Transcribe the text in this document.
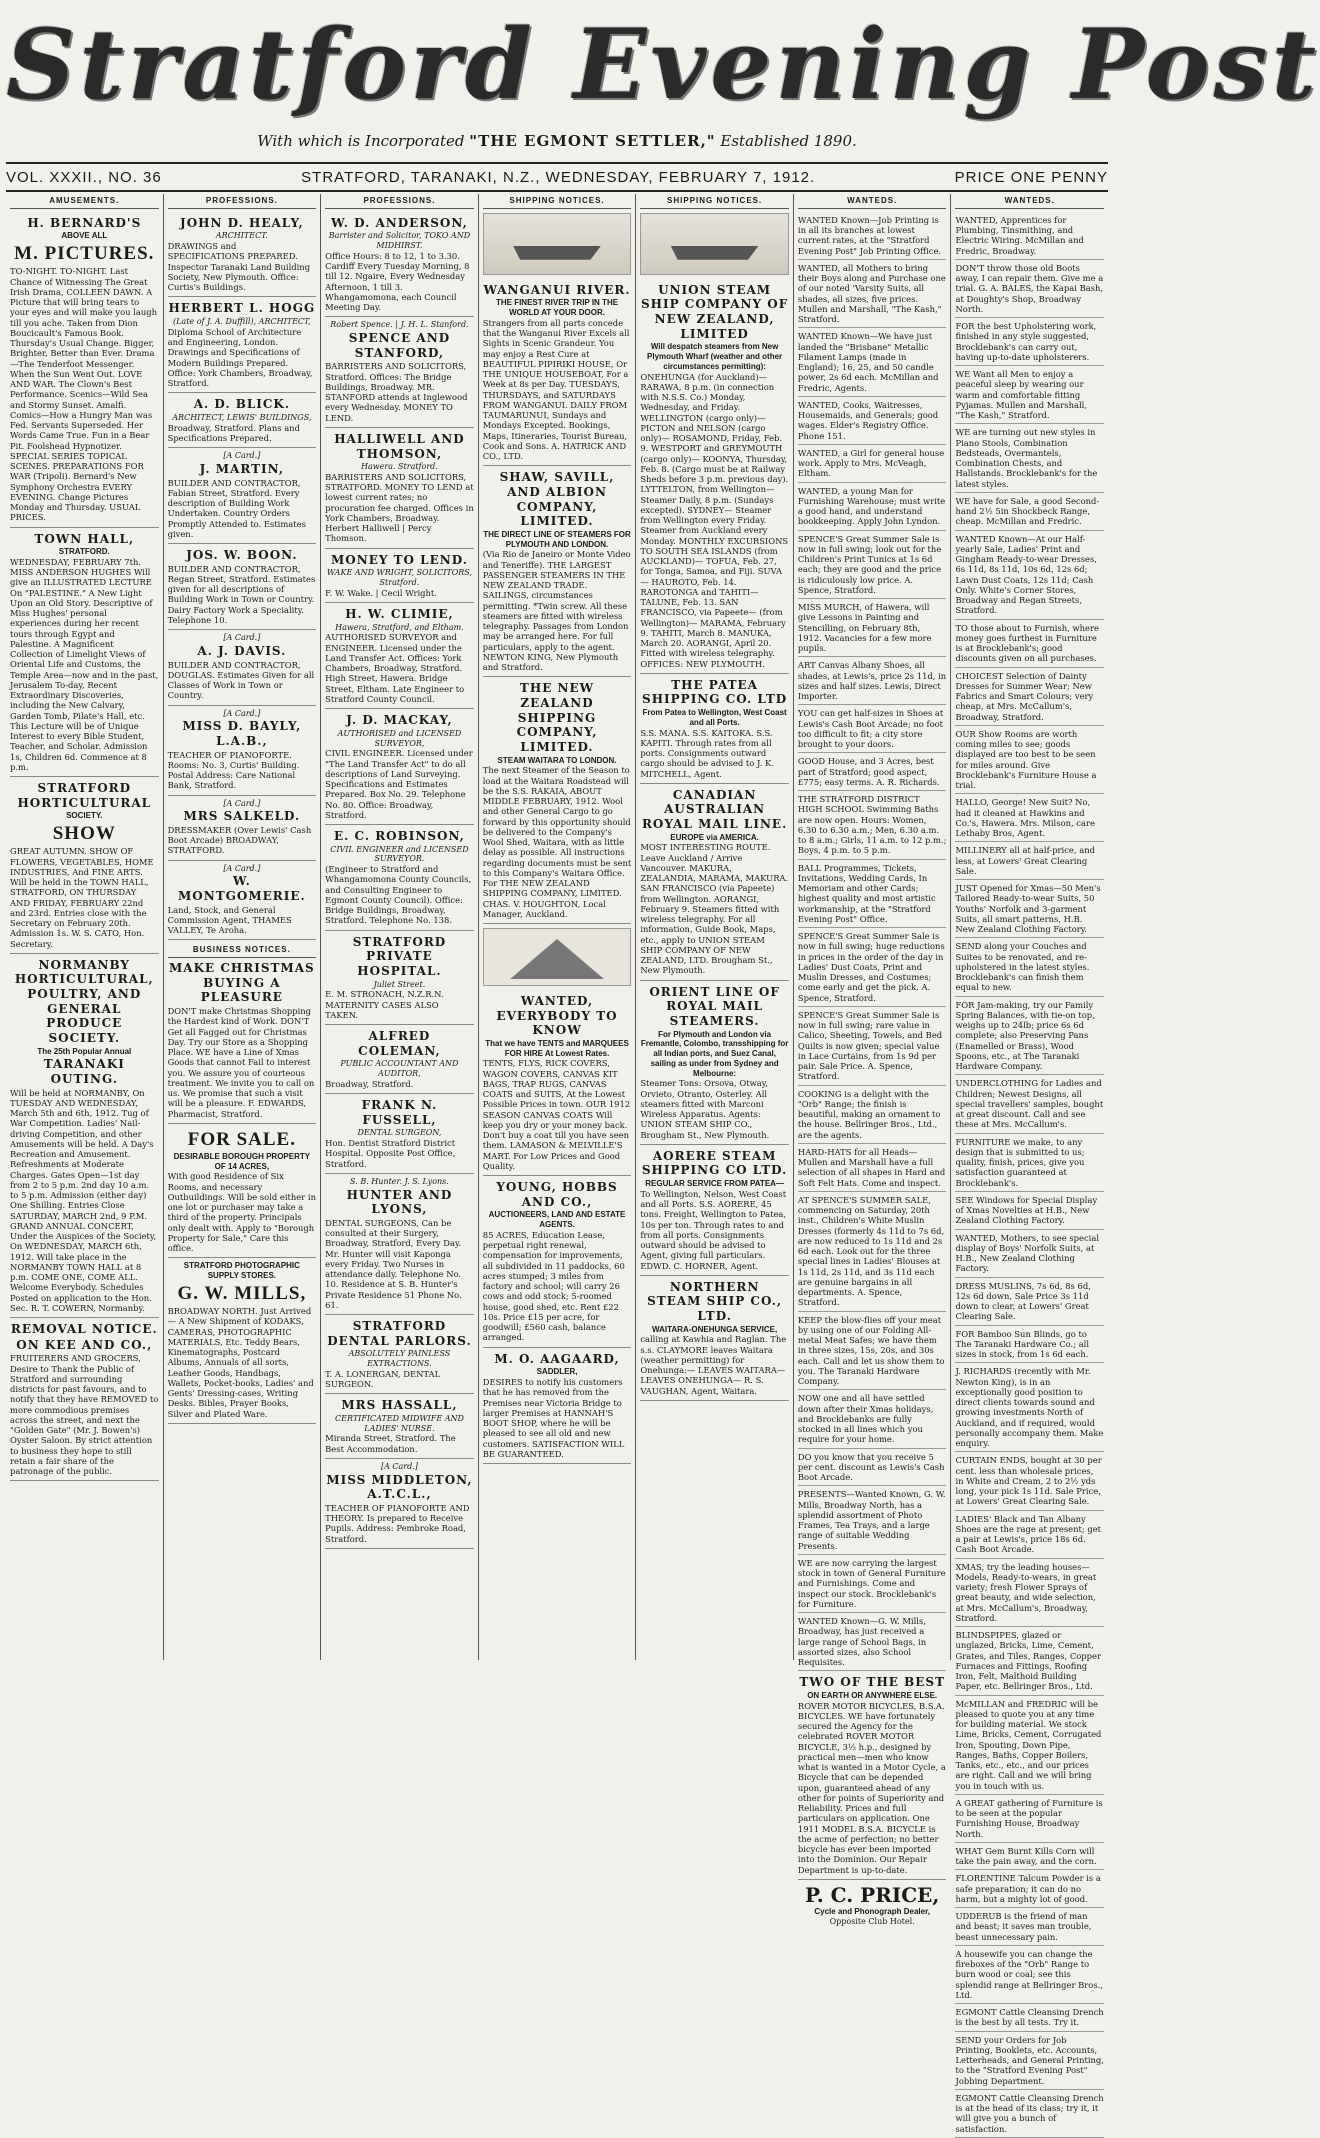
Stratford Evening Post
With which is Incorporated "THE EGMONT SETTLER," Established 1890.
VOL. XXXII., NO. 36	STRATFORD, TARANAKI, N.Z., WEDNESDAY, FEBRUARY 7, 1912.	PRICE ONE PENNY
AMUSEMENTS.
H. BERNARD'S
ABOVE ALL
M. PICTURES.
TO-NIGHT. TO-NIGHT. Last Chance of Witnessing The Great Irish Drama, COLLEEN DAWN. A Picture that will bring tears to your eyes and will make you laugh till you ache. Taken from Dion Boucicault's Famous Book. Thursday's Usual Change. Bigger, Brighter, Better than Ever. Drama—The Tenderfoot Messenger. When the Sun Went Out. LOVE AND WAR. The Clown's Best Performance. Scenics—Wild Sea and Stormy Sunset. Amalfi. Comics—How a Hungry Man was Fed. Servants Superseded. Her Words Came True. Fun in a Bear Pit. Foolshead Hypnotizer. SPECIAL SERIES TOPICAL SCENES. PREPARATIONS FOR WAR (Tripoli). Bernard's New Symphony Orchestra EVERY EVENING. Change Pictures Monday and Thursday. USUAL PRICES.
TOWN HALL,
STRATFORD.
WEDNESDAY, FEBRUARY 7th. MISS ANDERSON HUGHES Will give an ILLUSTRATED LECTURE On "PALESTINE." A New Light Upon an Old Story. Descriptive of Miss Hughes' personal experiences during her recent tours through Egypt and Palestine. A Magnificent Collection of Limelight Views of Oriental Life and Customs, the Temple Area—now and in the past, Jerusalem To-day, Recent Extraordinary Discoveries, including the New Calvary, Garden Tomb, Pilate's Hall, etc. This Lecture will be of Unique Interest to every Bible Student, Teacher, and Scholar. Admission 1s, Children 6d. Commence at 8 p.m.
STRATFORD HORTICULTURAL
SOCIETY.
SHOW
GREAT AUTUMN. SHOW OF FLOWERS, VEGETABLES, HOME INDUSTRIES, And FINE ARTS. Will be held in the TOWN HALL, STRATFORD, ON THURSDAY AND FRIDAY, FEBRUARY 22nd and 23rd. Entries close with the Secretary on February 20th. Admission 1s. W. S. CATO, Hon. Secretary.
NORMANBY HORTICULTURAL, POULTRY, AND GENERAL PRODUCE SOCIETY.
The 25th Popular Annual
TARANAKI OUTING.
Will be held at NORMANBY, On TUESDAY AND WEDNESDAY, March 5th and 6th, 1912. Tug of War Competition. Ladies' Nail-driving Competition, and other Amusements will be held. A Day's Recreation and Amusement. Refreshments at Moderate Charges. Gates Open—1st day from 2 to 5 p.m. 2nd day 10 a.m. to 5 p.m. Admission (either day) One Shilling. Entries Close SATURDAY, MARCH 2nd, 9 P.M. GRAND ANNUAL CONCERT, Under the Auspices of the Society, On WEDNESDAY, MARCH 6th, 1912. Will take place in the NORMANBY TOWN HALL at 8 p.m. COME ONE, COME ALL. Welcome Everybody. Schedules Posted on application to the Hon. Sec. R. T. COWERN, Normanby.
REMOVAL NOTICE.
ON KEE AND CO.,
FRUITERERS AND GROCERS, Desire to Thank the Public of Stratford and surrounding districts for past favours, and to notify that they have REMOVED to more commodious premises across the street, and next the "Golden Gate" (Mr. J. Bowen's) Oyster Saloon. By strict attention to business they hope to still retain a fair share of the patronage of the public.
PROFESSIONS.
JOHN D. HEALY,
ARCHITECT.
DRAWINGS and SPECIFICATIONS PREPARED. Inspector Taranaki Land Building Society, New Plymouth. Office: Curtis's Buildings.
HERBERT L. HOGG
(Late of J. A. Duffill), ARCHITECT,
Diploma School of Architecture and Engineering, London. Drawings and Specifications of Modern Buildings Prepared. Office: York Chambers, Broadway, Stratford.
A. D. BLICK.
ARCHITECT, LEWIS' BUILDINGS,
Broadway, Stratford. Plans and Specifications Prepared.
[A Card.]
J. MARTIN,
BUILDER AND CONTRACTOR, Fabian Street, Stratford. Every description of Building Work Undertaken. Country Orders Promptly Attended to. Estimates given.
JOS. W. BOON.
BUILDER AND CONTRACTOR, Regan Street, Stratford. Estimates given for all descriptions of Building Work in Town or Country. Dairy Factory Work a Speciality. Telephone 10.
[A Card.]
A. J. DAVIS.
BUILDER AND CONTRACTOR, DOUGLAS. Estimates Given for all Classes of Work in Town or Country.
[A Card.]
MISS D. BAYLY, L.A.B.,
TEACHER OF PIANOFORTE. Rooms: No. 3, Curtis' Building. Postal Address: Care National Bank, Stratford.
[A Card.]
MRS SALKELD.
DRESSMAKER (Over Lewis' Cash Boot Arcade) BROADWAY, STRATFORD.
[A Card.]
W. MONTGOMERIE.
Land, Stock, and General Commission Agent, THAMES VALLEY, Te Aroha.
BUSINESS NOTICES.
MAKE CHRISTMAS BUYING A PLEASURE
DON'T make Christmas Shopping the Hardest kind of Work. DON'T Get all Fagged out for Christmas Day. Try our Store as a Shopping Place. WE have a Line of Xmas Goods that cannot Fail to interest you. We assure you of courteous treatment. We invite you to call on us. We promise that such a visit will be a pleasure. F. EDWARDS, Pharmacist, Stratford.
FOR SALE.
DESIRABLE BOROUGH PROPERTY OF 14 ACRES,
With good Residence of Six Rooms, and necessary Outbuildings. Will be sold either in one lot or purchaser may take a third of the property. Principals only dealt with. Apply to "Borough Property for Sale," Care this office.
STRATFORD PHOTOGRAPHIC SUPPLY STORES.
G. W. MILLS,
BROADWAY NORTH. Just Arrived— A New Shipment of KODAKS, CAMERAS, PHOTOGRAPHIC MATERIALS, Etc. Teddy Bears, Kinematographs, Postcard Albums, Annuals of all sorts, Leather Goods, Handbags, Wallets, Pocket-books, Ladies' and Gents' Dressing-cases, Writing Desks. Bibles, Prayer Books, Silver and Plated Ware.
PROFESSIONS.
W. D. ANDERSON,
Barrister and Solicitor, TOKO AND MIDHIRST.
Office Hours: 8 to 12, 1 to 3.30. Cardiff Every Tuesday Morning, 8 till 12. Ngaire, Every Wednesday Afternoon, 1 till 3. Whangamomona, each Council Meeting Day.
Robert Spence. | J. H. L. Stanford.
SPENCE AND STANFORD,
BARRISTERS AND SOLICITORS, Stratford. Offices: The Bridge Buildings, Broadway. MR. STANFORD attends at Inglewood every Wednesday. MONEY TO LEND.
HALLIWELL AND THOMSON,
Hawera. Stratford.
BARRISTERS AND SOLICITORS, STRATFORD. MONEY TO LEND at lowest current rates; no procuration fee charged. Offices in York Chambers, Broadway. Herbert Halliwell | Percy Thomson.
MONEY TO LEND.
WAKE AND WRIGHT, SOLICITORS, Stratford.
F. W. Wake. | Cecil Wright.
H. W. CLIMIE,
Hawera, Stratford, and Eltham.
AUTHORISED SURVEYOR and ENGINEER. Licensed under the Land Transfer Act. Offices: York Chambers, Broadway, Stratford. High Street, Hawera. Bridge Street, Eltham. Late Engineer to Stratford County Council.
J. D. MACKAY,
AUTHORISED and LICENSED SURVEYOR,
CIVIL ENGINEER. Licensed under "The Land Transfer Act" to do all descriptions of Land Surveying. Specifications and Estimates Prepared. Box No. 29. Telephone No. 80. Office: Broadway, Stratford.
E. C. ROBINSON,
CIVIL ENGINEER and LICENSED SURVEYOR.
(Engineer to Stratford and Whangamomona County Councils, and Consulting Engineer to Egmont County Council). Office: Bridge Buildings, Broadway, Stratford. Telephone No. 138.
STRATFORD PRIVATE HOSPITAL.
Juliet Street.
E. M. STRONACH, N.Z.R.N. MATERNITY CASES ALSO TAKEN.
ALFRED COLEMAN,
PUBLIC ACCOUNTANT AND AUDITOR,
Broadway, Stratford.
FRANK N. FUSSELL,
DENTAL SURGEON,
Hon. Dentist Stratford District Hospital. Opposite Post Office, Stratford.
S. B. Hunter. J. S. Lyons.
HUNTER AND LYONS,
DENTAL SURGEONS, Can be consulted at their Surgery, Broadway, Stratford, Every Day. Mr. Hunter will visit Kaponga every Friday. Two Nurses in attendance daily. Telephone No. 10. Residence at S. B. Hunter's Private Residence 51 Phone No. 61.
STRATFORD DENTAL PARLORS.
ABSOLUTELY PAINLESS EXTRACTIONS.
T. A. LONERGAN, DENTAL SURGEON.
MRS HASSALL,
CERTIFICATED MIDWIFE AND LADIES' NURSE.
Miranda Street, Stratford. The Best Accommodation.
[A Card.]
MISS MIDDLETON, A.T.C.L.,
TEACHER OF PIANOFORTE AND THEORY. Is prepared to Receive Pupils. Address: Pembroke Road, Stratford.
SHIPPING NOTICES.
WANGANUI RIVER.
THE FINEST RIVER TRIP IN THE WORLD AT YOUR DOOR.
Strangers from all parts concede that the Wanganui River Excels all Sights in Scenic Grandeur. You may enjoy a Rest Cure at BEAUTIFUL PIPIRIKI HOUSE, Or THE UNIQUE HOUSEBOAT, For a Week at 8s per Day. TUESDAYS, THURSDAYS, and SATURDAYS FROM WANGANUI. DAILY FROM TAUMARUNUI, Sundays and Mondays Excepted. Bookings, Maps, Itineraries, Tourist Bureau, Cook and Sons. A. HATRICK AND CO., LTD.
SHAW, SAVILL, AND ALBION COMPANY, LIMITED.
THE DIRECT LINE OF STEAMERS FOR PLYMOUTH AND LONDON.
(Via Rio de Janeiro or Monte Video and Teneriffe). THE LARGEST PASSENGER STEAMERS IN THE NEW ZEALAND TRADE. SAILINGS, circumstances permitting. *Twin screw. All these steamers are fitted with wireless telegraphy. Passages from London may be arranged here. For full particulars, apply to the agent. NEWTON KING, New Plymouth and Stratford.
THE NEW ZEALAND SHIPPING COMPANY, LIMITED.
STEAM WAITARA TO LONDON.
The next Steamer of the Season to load at the Waitara Roadstead will be the S.S. RAKAIA, ABOUT MIDDLE FEBRUARY, 1912. Wool and other General Cargo to go forward by this opportunity should be delivered to the Company's Wool Shed, Waitara, with as little delay as possible. All instructions regarding documents must be sent to this Company's Waitara Office. For THE NEW ZEALAND SHIPPING COMPANY, LIMITED. CHAS. V. HOUGHTON, Local Manager, Auckland.
WANTED, EVERYBODY TO KNOW
That we have TENTS and MARQUEES FOR HIRE At Lowest Rates.
TENTS, FLYS, RICK COVERS, WAGON COVERS, CANVAS KIT BAGS, TRAP RUGS, CANVAS COATS and SUITS, At the Lowest Possible Prices in town. OUR 1912 SEASON CANVAS COATS Will keep you dry or your money back. Don't buy a coat till you have seen them. LAMASON & MELVILLE'S MART. For Low Prices and Good Quality.
YOUNG, HOBBS AND CO.,
AUCTIONEERS, LAND AND ESTATE AGENTS.
85 ACRES, Education Lease, perpetual right renewal, compensation for improvements, all subdivided in 11 paddocks, 60 acres stumped; 3 miles from factory and school; will carry 26 cows and odd stock; 5-roomed house, good shed, etc. Rent £22 10s. Price £15 per acre, for goodwill; £560 cash, balance arranged.
M. O. AAGAARD,
SADDLER,
DESIRES to notify his customers that he has removed from the Premises near Victoria Bridge to larger Premises at HANNAH'S BOOT SHOP, where he will be pleased to see all old and new customers. SATISFACTION WILL BE GUARANTEED.
SHIPPING NOTICES.
UNION STEAM SHIP COMPANY OF NEW ZEALAND, LIMITED
Will despatch steamers from New Plymouth Wharf (weather and other circumstances permitting):
ONEHUNGA (for Auckland)— RARAWA, 8 p.m. (in connection with N.S.S. Co.) Monday, Wednesday, and Friday. WELLINGTON (cargo only)— PICTON and NELSON (cargo only)— ROSAMOND, Friday, Feb. 9. WESTPORT and GREYMOUTH (cargo only)— KOONYA, Thursday, Feb. 8. (Cargo must be at Railway Sheds before 3 p.m. previous day). LYTTELTON, from Wellington— Steamer Daily, 8 p.m. (Sundays excepted). SYDNEY— Steamer from Wellington every Friday. Steamer from Auckland every Monday. MONTHLY EXCURSIONS TO SOUTH SEA ISLANDS (from AUCKLAND)— TOFUA, Feb. 27, for Tonga, Samoa, and Fiji. SUVA— HAUROTO, Feb. 14. RAROTONGA and TAHITI— TALUNE, Feb. 13. SAN FRANCISCO, via Papeete— (from Wellington)— MARAMA, February 9. TAHITI, March 8. MANUKA, March 20. AORANGI, April 20. Fitted with wireless telegraphy. OFFICES: NEW PLYMOUTH.
THE PATEA SHIPPING CO. LTD
From Patea to Wellington, West Coast and all Ports.
S.S. MANA. S.S. KAITOKA. S.S. KAPITI. Through rates from all ports. Consignments outward cargo should be advised to J. K. MITCHELL, Agent.
CANADIAN AUSTRALIAN ROYAL MAIL LINE.
EUROPE via AMERICA.
MOST INTERESTING ROUTE. Leave Auckland / Arrive Vancouver. MAKURA, ZEALANDIA, MARAMA, MAKURA. SAN FRANCISCO (via Papeete) from Wellington. AORANGI, February 9. Steamers fitted with wireless telegraphy. For all information, Guide Book, Maps, etc., apply to UNION STEAM SHIP COMPANY OF NEW ZEALAND, LTD. Brougham St., New Plymouth.
ORIENT LINE OF ROYAL MAIL STEAMERS.
For Plymouth and London via Fremantle, Colombo, transshipping for all Indian ports, and Suez Canal, sailing as under from Sydney and Melbourne:
Steamer Tons: Orsova, Otway, Orvieto, Otranto, Osterley. All steamers fitted with Marconi Wireless Apparatus. Agents: UNION STEAM SHIP CO., Brougham St., New Plymouth.
AORERE STEAM SHIPPING CO LTD.
REGULAR SERVICE FROM PATEA—
To Wellington, Nelson, West Coast and all Ports. S.S. AORERE, 45 tons. Freight, Wellington to Patea, 10s per ton. Through rates to and from all ports. Consignments outward should be advised to Agent, giving full particulars. EDWD. C. HORNER, Agent.
NORTHERN STEAM SHIP CO., LTD.
WAITARA-ONEHUNGA SERVICE,
calling at Kawhia and Raglan. The s.s. CLAYMORE leaves Waitara (weather permitting) for Onehunga:— LEAVES WAITARA— LEAVES ONEHUNGA— R. S. VAUGHAN, Agent, Waitara.
WANTEDS.
WANTED Known—Job Printing is in all its branches at lowest current rates, at the "Stratford Evening Post" Job Printing Office.
WANTED, all Mothers to bring their Boys along and Purchase one of our noted 'Varsity Suits, all shades, all sizes, five prices. Mullen and Marshall, "The Kash," Stratford.
WANTED Known—We have just landed the "Brisbane" Metallic Filament Lamps (made in England); 16, 25, and 50 candle power, 2s 6d each. McMillan and Fredric, Agents.
WANTED, Cooks, Waitresses, Housemaids, and Generals; good wages. Elder's Registry Office. Phone 151.
WANTED, a Girl for general house work. Apply to Mrs. McVeagh, Eltham.
WANTED, a young Man for Furnishing Warehouse; must write a good hand, and understand bookkeeping. Apply John Lyndon.
SPENCE'S Great Summer Sale is now in full swing; look out for the Children's Print Tunics at 1s 6d each; they are good and the price is ridiculously low price. A. Spence, Stratford.
MISS MURCH, of Hawera, will give Lessons in Painting and Stencilling, on February 8th, 1912. Vacancies for a few more pupils.
ART Canvas Albany Shoes, all shades, at Lewis's, price 2s 11d, in sizes and half sizes. Lewis, Direct Importer.
YOU can get half-sizes in Shoes at Lewis's Cash Boot Arcade; no foot too difficult to fit; a city store brought to your doors.
GOOD House, and 3 Acres, best part of Stratford; good aspect, £775; easy terms. A. R. Richards.
THE STRATFORD DISTRICT HIGH SCHOOL Swimming Baths are now open. Hours: Women, 6.30 to 6.30 a.m.; Men, 6.30 a.m. to 8 a.m.; Girls, 11 a.m. to 12 p.m.; Boys, 4 p.m. to 5 p.m.
BALL Programmes, Tickets, Invitations, Wedding Cards, In Memoriam and other Cards; highest quality and most artistic workmanship, at the "Stratford Evening Post" Office.
SPENCE'S Great Summer Sale is now in full swing; huge reductions in prices in the order of the day in Ladies' Dust Coats, Print and Muslin Dresses, and Costumes; come early and get the pick. A. Spence, Stratford.
SPENCE'S Great Summer Sale is now in full swing; rare value in Calico, Sheeting, Towels, and Bed Quilts is now given; special value in Lace Curtains, from 1s 9d per pair. Sale Price. A. Spence, Stratford.
COOKING is a delight with the "Orb" Range; the finish is beautiful, making an ornament to the house. Bellringer Bros., Ltd., are the agents.
HARD-HATS for all Heads—Mullen and Marshall have a full selection of all shapes in Hard and Soft Felt Hats. Come and inspect.
AT SPENCE'S SUMMER SALE, commencing on Saturday, 20th inst., Children's White Muslin Dresses (formerly 4s 11d to 7s 6d, are now reduced to 1s 11d and 2s 6d each. Look out for the three special lines in Ladies' Blouses at 1s 11d, 2s 11d, and 3s 11d each are genuine bargains in all departments. A. Spence, Stratford.
KEEP the blow-flies off your meat by using one of our Folding All-metal Meat Safes; we have them in three sizes, 15s, 20s, and 30s each. Call and let us show them to you. The Taranaki Hardware Company.
NOW one and all have settled down after their Xmas holidays, and Brocklebanks are fully stocked in all lines which you require for your home.
DO you know that you receive 5 per cent. discount as Lewis's Cash Boot Arcade.
PRESENTS—Wanted Known, G. W. Mills, Broadway North, has a splendid assortment of Photo Frames, Tea Trays, and a large range of suitable Wedding Presents.
WE are now carrying the largest stock in town of General Furniture and Furnishings. Come and inspect our stock. Brocklebank's for Furniture.
WANTED Known—G. W. Mills, Broadway, has just received a large range of School Bags, in assorted sizes, also School Requisites.
TWO OF THE BEST
ON EARTH OR ANYWHERE ELSE.
ROVER MOTOR BICYCLES, B.S.A. BICYCLES. WE have fortunately secured the Agency for the celebrated ROVER MOTOR BICYCLE, 3½ h.p., designed by practical men—men who know what is wanted in a Motor Cycle, a Bicycle that can be depended upon, guaranteed ahead of any other for points of Superiority and Reliability. Prices and full particulars on application. One 1911 MODEL B.S.A. BICYCLE is the acme of perfection; no better bicycle has ever been imported into the Dominion. Our Repair Department is up-to-date.
P. C. PRICE,
Cycle and Phonograph Dealer,
Opposite Club Hotel.
WANTEDS.
WANTED, Apprentices for Plumbing, Tinsmithing, and Electric Wiring. McMillan and Fredric, Broadway.
DON'T throw those old Boots away, I can repair them. Give me a trial. G. A. BALES, the Kapai Bash, at Doughty's Shop, Broadway North.
FOR the best Upholstering work, finished in any style suggested, Brocklebank's can carry out, having up-to-date upholsterers.
WE Want all Men to enjoy a peaceful sleep by wearing our warm and comfortable fitting Pyjamas. Mullen and Marshall, "The Kash," Stratford.
WE are turning out new styles in Piano Stools, Combination Bedsteads, Overmantels, Combination Chests, and Hallstands. Brocklebank's for the latest styles.
WE have for Sale, a good Second-hand 2½ 5in Shockbeck Range, cheap. McMillan and Fredric.
WANTED Known—At our Half-yearly Sale, Ladies' Print and Gingham Ready-to-wear Dresses, 6s 11d, 8s 11d, 10s 6d, 12s 6d; Lawn Dust Coats, 12s 11d; Cash Only. White's Corner Stores, Broadway and Regan Streets, Stratford.
TO those about to Furnish, where money goes furthest in Furniture is at Brocklebank's; good discounts given on all purchases.
CHOICEST Selection of Dainty Dresses for Summer Wear; New Fabrics and Smart Colours; very cheap, at Mrs. McCallum's, Broadway, Stratford.
OUR Show Rooms are worth coming miles to see; goods displayed are too best to be seen for miles around. Give Brocklebank's Furniture House a trial.
HALLO, George! New Suit? No, had it cleaned at Hawkins and Co.'s, Hawera. Mrs. Milson, care Lethaby Bros, Agent.
MILLINERY all at half-price, and less, at Lowers' Great Clearing Sale.
JUST Opened for Xmas—50 Men's Tailored Ready-to-wear Suits, 50 Youths' Norfolk and 3-garment Suits, all smart patterns, H.B. New Zealand Clothing Factory.
SEND along your Couches and Suites to be renovated, and re-upholstered in the latest styles. Brocklebank's can finish them equal to new.
FOR Jam-making, try our Family Spring Balances, with tie-on top, weighs up to 24lb; price 6s 6d complete; also Preserving Pans (Enamelled or Brass), Wood Spoons, etc., at The Taranaki Hardware Company.
UNDERCLOTHING for Ladies and Children; Newest Designs, all special travellers' samples, bought at great discount. Call and see these at Mrs. McCallum's.
FURNITURE we make, to any design that is submitted to us; quality, finish, prices, give you satisfaction guaranteed at Brocklebank's.
SEE Windows for Special Display of Xmas Novelties at H.B., New Zealand Clothing Factory.
WANTED, Mothers, to see special display of Boys' Norfolk Suits, at H.B., New Zealand Clothing Factory.
DRESS MUSLINS, 7s 6d, 8s 6d, 12s 6d down, Sale Price 3s 11d down to clear, at Lowers' Great Clearing Sale.
FOR Bamboo Sun Blinds, go to The Taranaki Hardware Co.; all sizes in stock, from 1s 6d each.
J. RICHARDS (recently with Mr. Newton King), is in an exceptionally good position to direct clients towards sound and growing investments North of Auckland, and if required, would personally accompany them. Make enquiry.
CURTAIN ENDS, bought at 30 per cent. less than wholesale prices, in White and Cream, 2 to 2½ yds long, your pick 1s 11d. Sale Price, at Lowers' Great Clearing Sale.
LADIES' Black and Tan Albany Shoes are the rage at present; get a pair at Lewis's, price 18s 6d. Cash Boot Arcade.
XMAS, try the leading houses—Models, Ready-to-wears, in great variety; fresh Flower Sprays of great beauty, and wide selection, at Mrs. McCallum's, Broadway, Stratford.
BLINDSPIPES, glazed or unglazed, Bricks, Lime, Cement, Grates, and Tiles, Ranges, Copper Furnaces and Fittings, Roofing Iron, Felt, Malthoid Building Paper, etc. Bellringer Bros., Ltd.
McMILLAN and FREDRIC will be pleased to quote you at any time for building material. We stock Lime, Bricks, Cement, Corrugated Iron, Spouting, Down Pipe, Ranges, Baths, Copper Boilers, Tanks, etc., etc., and our prices are right. Call and we will bring you in touch with us.
A GREAT gathering of Furniture is to be seen at the popular Furnishing House, Broadway North.
WHAT Gem Burnt Kills Corn will take the pain away, and the corn.
FLORENTINE Talcum Powder is a safe preparation; it can do no harm, but a mighty lot of good.
UDDERUB is the friend of man and beast; it saves man trouble, beast unnecessary pain.
A housewife you can change the fireboxes of the "Orb" Range to burn wood or coal; see this splendid range at Bellringer Bros., Ltd.
EGMONT Cattle Cleansing Drench is the best by all tests. Try it.
SEND your Orders for Job Printing, Booklets, etc. Accounts, Letterheads, and General Printing, to the "Stratford Evening Post" Jobbing Department.
EGMONT Cattle Cleansing Drench is at the head of its class; try it, it will give you a bunch of satisfaction.
